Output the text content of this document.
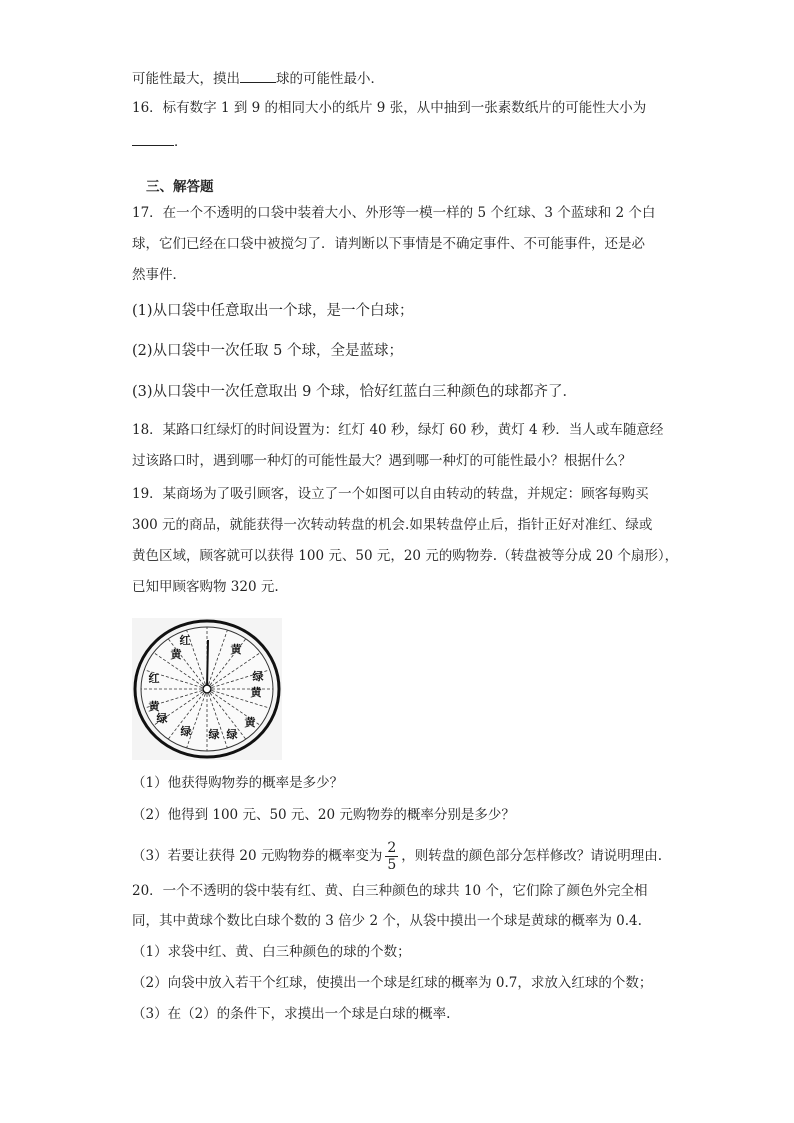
可能性最大，摸出	球的可能性最小．
16．标有数字 1 到 9 的相同大小的纸片 9 张，从中抽到一张素数纸片的可能性大小为
．
三、解答题
17．在一个不透明的口袋中装着大小、外形等一模一样的 5 个红球、3 个蓝球和 2 个白
球，它们已经在口袋中被搅匀了．请判断以下事情是不确定事件、不可能事件，还是必
然事件．
(1)从口袋中任意取出一个球，是一个白球；
(2)从口袋中一次任取 5 个球，全是蓝球；
(3)从口袋中一次任意取出 9 个球，恰好红蓝白三种颜色的球都齐了．
18．某路口红绿灯的时间设置为：红灯 40 秒，绿灯 60 秒，黄灯 4 秒．当人或车随意经
过该路口时，遇到哪一种灯的可能性最大？遇到哪一种灯的可能性最小？根据什么？
19．某商场为了吸引顾客，设立了一个如图可以自由转动的转盘，并规定：顾客每购买
300 元的商品，就能获得一次转动转盘的机会.如果转盘停止后，指针正好对准红、绿或
黄色区域，顾客就可以获得 100 元、50 元，20 元的购物券.（转盘被等分成 20 个扇形），
已知甲顾客购物 320 元.
红
黄	黄
红	绿
黄
黄
绿
绿	绿
黄
绿
（1）他获得购物券的概率是多少？
（2）他得到 100 元、50 元、20 元购物券的概率分别是多少？
（3）若要让获得 20 元购物券的概率变为 $\frac{2}{5}$ ，则转盘的颜色部分怎样修改？请说明理由.
20．一个不透明的袋中装有红、黄、白三种颜色的球共 10 个，它们除了颜色外完全相
同，其中黄球个数比白球个数的 3 倍少 2 个，从袋中摸出一个球是黄球的概率为 0.4.
（1）求袋中红、黄、白三种颜色的球的个数；
（2）向袋中放入若干个红球，使摸出一个球是红球的概率为 0.7，求放入红球的个数；
（3）在（2）的条件下，求摸出一个球是白球的概率.
